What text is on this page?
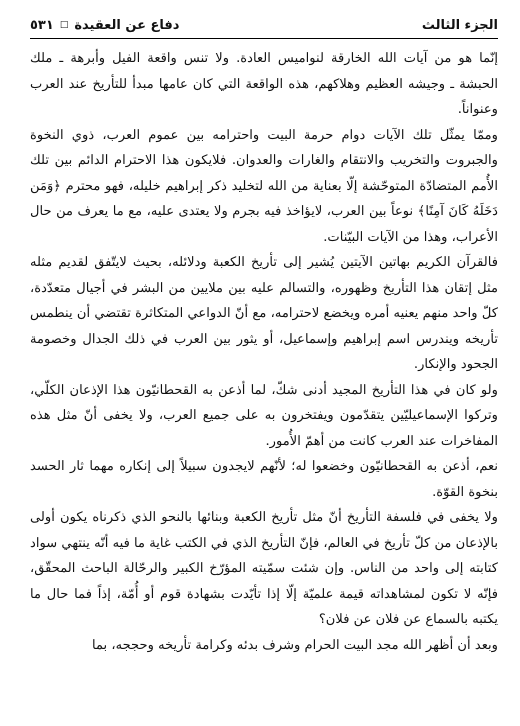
الجزء الثالث
دفاع عن العقيدة
□
٥٣١

إنّما هو من آيات الله الخارقة لنواميس العادة. ولا تنس واقعة الفيل وأبرهة ـ ملك الحبشة ـ وجيشه العظيم وهلاكهم، هذه الواقعة التي كان عامها مبدأ للتأريخ عند العرب وعنواناً.

وممّا يمثّل تلك الآيات دوام حرمة البيت واحترامه بين عموم العرب، ذوي النخوة والجبروت والتخريب والانتقام والغارات والعدوان. فلايكون هذا الاحترام الدائم بين تلك الأُمم المتضادّة المتوحّشة إلّا بعناية من الله لتخليد ذكر إبراهيم خليله، فهو محترم ﴿وَمَن دَخَلَهُ كَانَ آمِنًا﴾ نوعاً بين العرب، لايؤاخذ فيه بجرم ولا يعتدى عليه، مع ما يعرف من حال الأعراب، وهذا من الآيات البيّنات.

فالقرآن الكريم بهاتين الآيتين يُشير إلى تأريخ الكعبة ودلائله، بحيث لايتّفق لقديم مثله مثل إتقان هذا التأريخ وظهوره، والتسالم عليه بين ملايين من البشر في أجيال متعدّدة، كلّ واحد منهم يعنيه أمره ويخضع لاحترامه، مع أنّ الدواعي المتكاثرة تقتضي أن ينطمس تأريخه ويندرس اسم إبراهيم وإسماعيل، أو يثور بين العرب في ذلك الجدال وخصومة الجحود والإنكار.

ولو كان في هذا التأريخ المجيد أدنى شكّ، لما أذعن به القحطانيّون هذا الإذعان الكلّي، وتركوا الإسماعيليّين يتقدّمون ويفتخرون به على جميع العرب، ولا يخفى أنّ مثل هذه المفاخرات عند العرب كانت من أهمّ الأُمور.

نعم، أذعن به القحطانيّون وخضعوا له؛ لأنّهم لايجدون سبيلاً إلى إنكاره مهما ثار الحسد بنخوة القوّة.

ولا يخفى في فلسفة التأريخ أنّ مثل تأريخ الكعبة وبنائها بالنحو الذي ذكرناه يكون أولى بالإذعان من كلّ تأريخ في العالم، فإنّ التأريخ الذي في الكتب غاية ما فيه أنّه ينتهي سواد كتابته إلى واحد من الناس. وإن شئت سمّيته المؤرّخ الكبير والرحّالة الباحث المحقّق، فإنّه لا تكون لمشاهداته قيمة علميّة إلّا إذا تأيّدت بشهادة قوم أو أُمّة، إذاً فما حال ما يكتبه بالسماع عن فلان عن فلان؟

وبعد أن أظهر الله مجد البيت الحرام وشرف بدئه وكرامة تأريخه وحججه، بما
